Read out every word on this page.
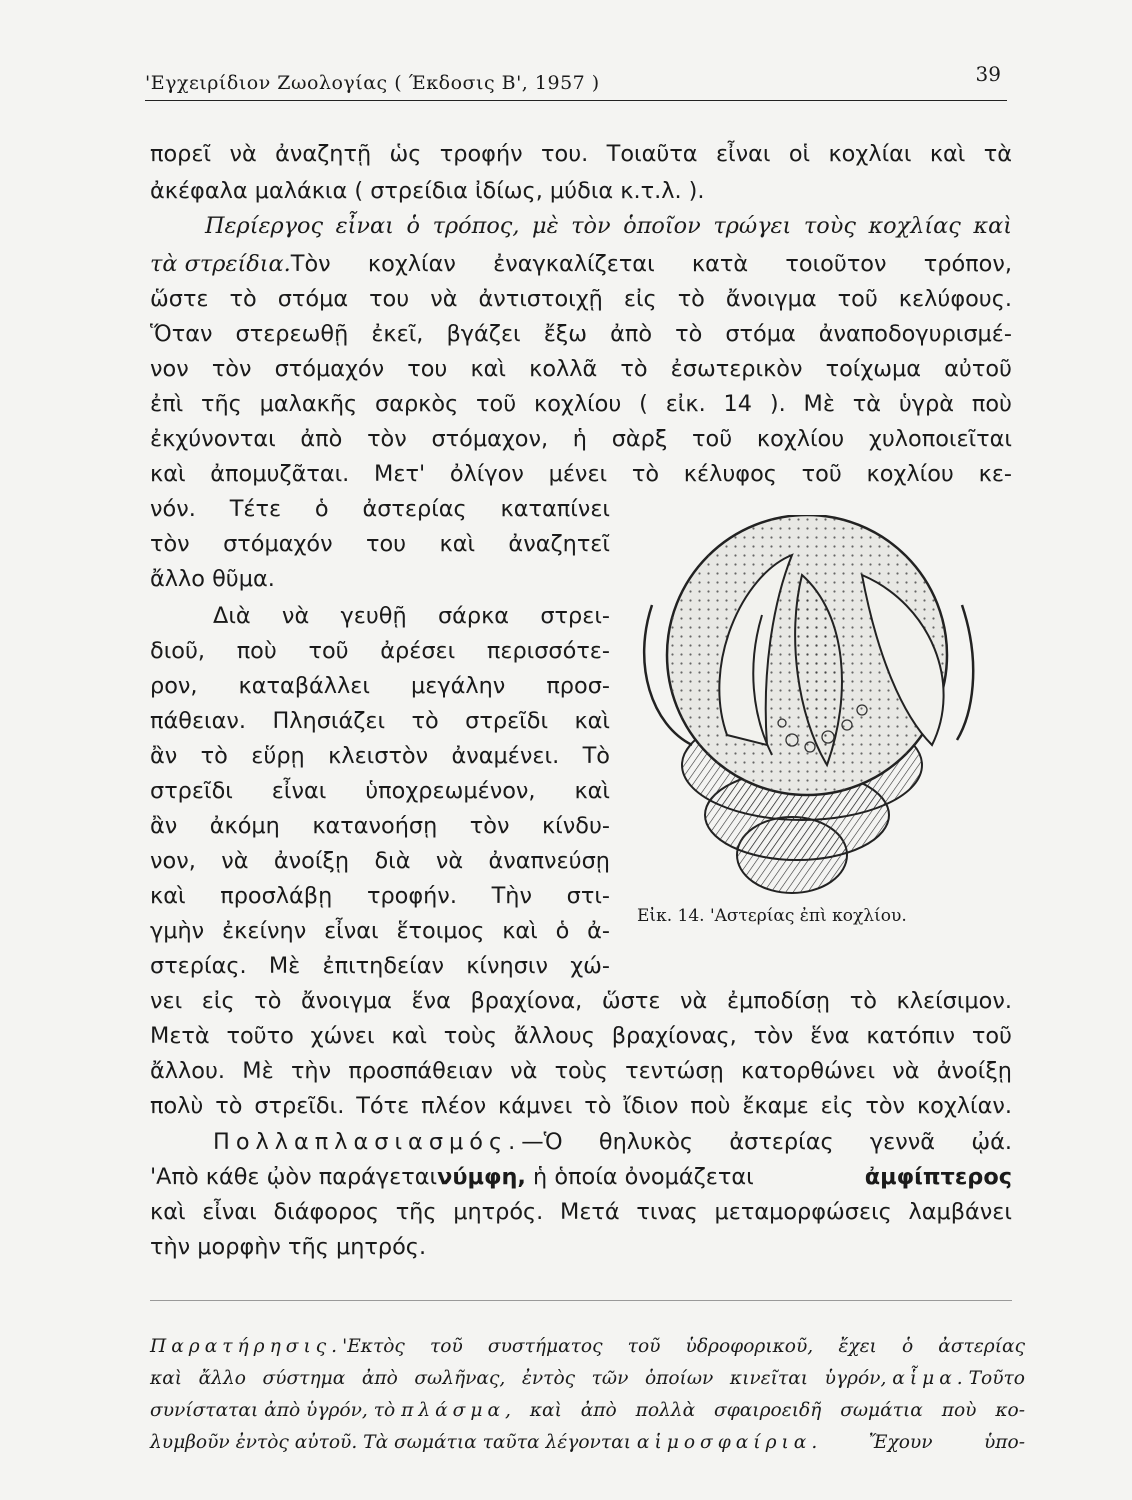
'Εγχειρίδιον Ζωολογίας ( Έκδοσις Β', 1957 )	39
πορεῖ νὰ ἀναζητῇ ὡς τροφήν του. Τοιαῦτα εἶναι οἱ κοχλίαι καὶ τὰ
ἀκέφαλα μαλάκια ( στρείδια ἰδίως, μύδια κ.τ.λ. ).
Περίεργος εἶναι ὁ τρόπος, μὲ τὸν ὁποῖον τρώγει τοὺς κοχλίας καὶ
τὰ στρείδια. Τὸν κοχλίαν ἐναγκαλίζεται κατὰ τοιοῦτον τρόπον,
ὥστε τὸ στόμα του νὰ ἀντιστοιχῇ εἰς τὸ ἄνοιγμα τοῦ κελύφους.
Ὅταν στερεωθῇ ἐκεῖ, βγάζει ἔξω ἀπὸ τὸ στόμα ἀναποδογυρισμέ-
νον τὸν στόμαχόν του καὶ κολλᾶ τὸ ἐσωτερικὸν τοίχωμα αὐτοῦ
ἐπὶ τῆς μαλακῆς σαρκὸς τοῦ κοχλίου ( εἰκ. 14 ). Μὲ τὰ ὑγρὰ ποὺ
ἐκχύνονται ἀπὸ τὸν στόμαχον, ἡ σὰρξ τοῦ κοχλίου χυλοποιεῖται
καὶ ἀπομυζᾶται. Μετ' ὀλίγον μένει τὸ κέλυφος τοῦ κοχλίου κε-
νόν. Τέτε ὁ ἀστερίας καταπίνει
τὸν στόμαχόν του καὶ ἀναζητεῖ
ἄλλο θῦμα.
Διὰ νὰ γευθῇ σάρκα στρει-
διοῦ, ποὺ τοῦ ἀρέσει περισσότε-
ρον, καταβάλλει μεγάλην προσ-
πάθειαν. Πλησιάζει τὸ στρεῖδι καὶ
ἂν τὸ εὕρῃ κλειστὸν ἀναμένει. Τὸ
στρεῖδι εἶναι ὑποχρεωμένον, καὶ
ἂν ἀκόμη κατανοήσῃ τὸν κίνδυ-
νον, νὰ ἀνοίξῃ διὰ νὰ ἀναπνεύσῃ
καὶ προσλάβῃ τροφήν. Τὴν στι-
γμὴν ἐκείνην εἶναι ἕτοιμος καὶ ὁ ἀ-
στερίας. Μὲ ἐπιτηδείαν κίνησιν χώ-
νει εἰς τὸ ἄνοιγμα ἕνα βραχίονα, ὥστε νὰ ἐμποδίσῃ τὸ κλείσιμον.
Μετὰ τοῦτο χώνει καὶ τοὺς ἄλλους βραχίονας, τὸν ἕνα κατόπιν τοῦ
ἄλλου. Μὲ τὴν προσπάθειαν νὰ τοὺς τεντώσῃ κατορθώνει νὰ ἀνοίξῃ
πολὺ τὸ στρεῖδι. Τότε πλέον κάμνει τὸ ἴδιον ποὺ ἔκαμε εἰς τὸν κοχλίαν.
Πολλαπλασιασμός. —Ὁ θηλυκὸς ἀστερίας γεννᾶ ᾠά.
'Απὸ κάθε ᾠὸν παράγεται νύμφη, ἡ ὁποία ὀνομάζεται	ἀμφίπτερος
καὶ εἶναι διάφορος τῆς μητρός. Μετά τινας μεταμορφώσεις λαμβάνει
τὴν μορφὴν τῆς μητρός.
Εἰκ. 14. 'Αστερίας ἐπὶ κοχλίου.
Παρατήρησις. 'Εκτὸς τοῦ συστήματος τοῦ ὑδροφορικοῦ, ἔχει ὁ ἀστερίας
καὶ ἄλλο σύστημα ἀπὸ σωλῆνας, ἐντὸς τῶν ὁποίων κινεῖται ὑγρόν, αἷμα . Τοῦτο
συνίσταται ἀπὸ ὑγρόν, τὸ πλάσμα , καὶ ἀπὸ πολλὰ σφαιροειδῆ σωμάτια ποὺ κο-
λυμβοῦν ἐντὸς αὐτοῦ. Τὰ σωμάτια ταῦτα λέγονται αἱμοσφαίρια . Ἔχουν ὑπο-
